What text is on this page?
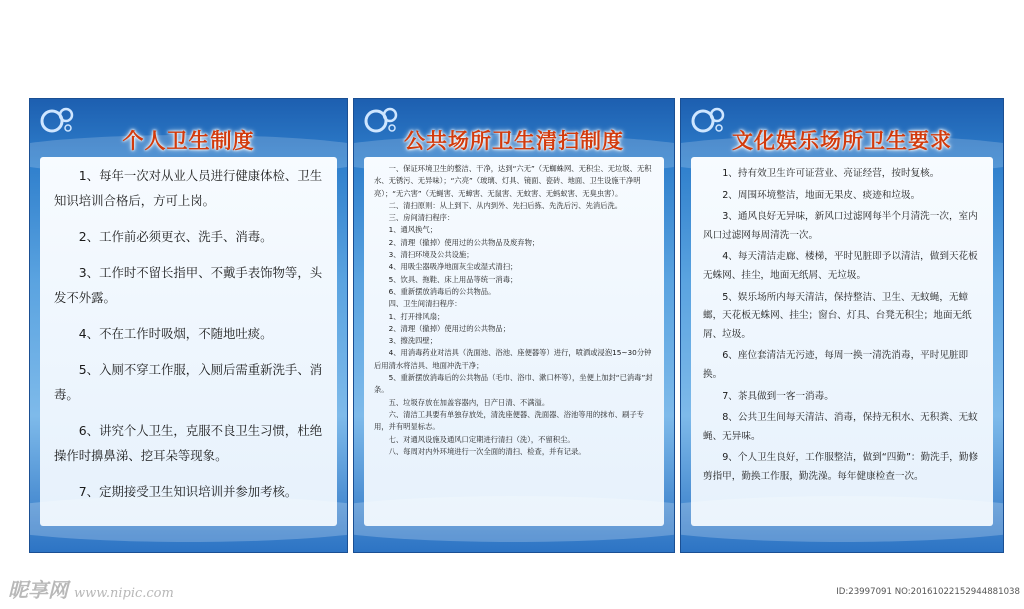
个人卫生制度

1、每年一次对从业人员进行健康体检、卫生知识培训合格后，方可上岗。

2、工作前必须更衣、洗手、消毒。

3、工作时不留长指甲、不戴手表饰物等，头发不外露。

4、不在工作时吸烟，不随地吐痰。

5、入厕不穿工作服，入厕后需重新洗手、消毒。

6、讲究个人卫生，克服不良卫生习惯，杜绝操作时擤鼻涕、挖耳朵等现象。

7、定期接受卫生知识培训并参加考核。

公共场所卫生清扫制度

一、保证环境卫生的整洁、干净，达到“六无”（无蜘蛛网、无积尘、无垃圾、无积水、无锈污、无异味）；“六亮”（玻璃、灯具、镜面、瓷砖、地面、卫生设施干净明亮）；“无六害”（无蝇害、无蟑害、无鼠害、无蚊害、无蚂蚁害、无臭虫害）。

二、清扫原则：从上到下、从内到外、先扫后拣、先洗后污、先消后洗。

三、房间清扫程序：

1、通风换气；

2、清理（撤掉）使用过的公共物品及废弃物；

3、清扫环境及公共设施；

4、用吸尘器吸净地面灰尘或湿式清扫；

5、饮具、拖鞋、床上用品等统一消毒；

6、重新摆放消毒后的公共物品。

四、卫生间清扫程序：

1、打开排风扇；

2、清理（撤掉）使用过的公共物品；

3、擦洗四壁；

4、用消毒药业对洁具（洗面池、浴池、座便器等）进行，喷洒或浸泡15~30分钟后用清水将洁具、地面冲洗干净；

5、重新摆放消毒后的公共物品（毛巾、浴巾、漱口杯等），坐便上加封“已消毒”封条。

五、垃圾存放在加盖容器内，日产日清、不满溢。

六、清洁工具要有单独存放处，清洗座便器、洗面器、浴池等用的抹布、刷子专用，并有明显标志。

七、对通风设施及通风口定期进行清扫（洗），不留积尘。

八、每周对内外环境进行一次全面的清扫、检查，并有记录。

文化娱乐场所卫生要求

1、持有效卫生许可证营业、亮证经营，按时复核。

2、周围环境整洁，地面无果皮、痰迹和垃圾。

3、通风良好无异味，新风口过滤网每半个月清洗一次，室内风口过滤网每周清洗一次。

4、每天清洁走廊、楼梯，平时见脏即予以清洁，做到天花板无蛛网、挂尘，地面无纸屑、无垃圾。

5、娱乐场所内每天清洁，保持整洁、卫生、无蚊蝇，无蟑螂，天花板无蛛网、挂尘；窗台、灯具、台凳无积尘；地面无纸屑、垃圾。

6、座位套清洁无污迹，每周一换一清洗消毒，平时见脏即换。

7、茶具做到一客一消毒。

8、公共卫生间每天清洁、消毒，保持无积水、无积粪、无蚊蝇、无异味。

9、个人卫生良好，工作服整洁，做到“四勤”：勤洗手，勤修剪指甲，勤换工作服，勤洗澡。每年健康检查一次。

昵享网 www.nipic.com	ID:23997091 NO:20161022152944881038
